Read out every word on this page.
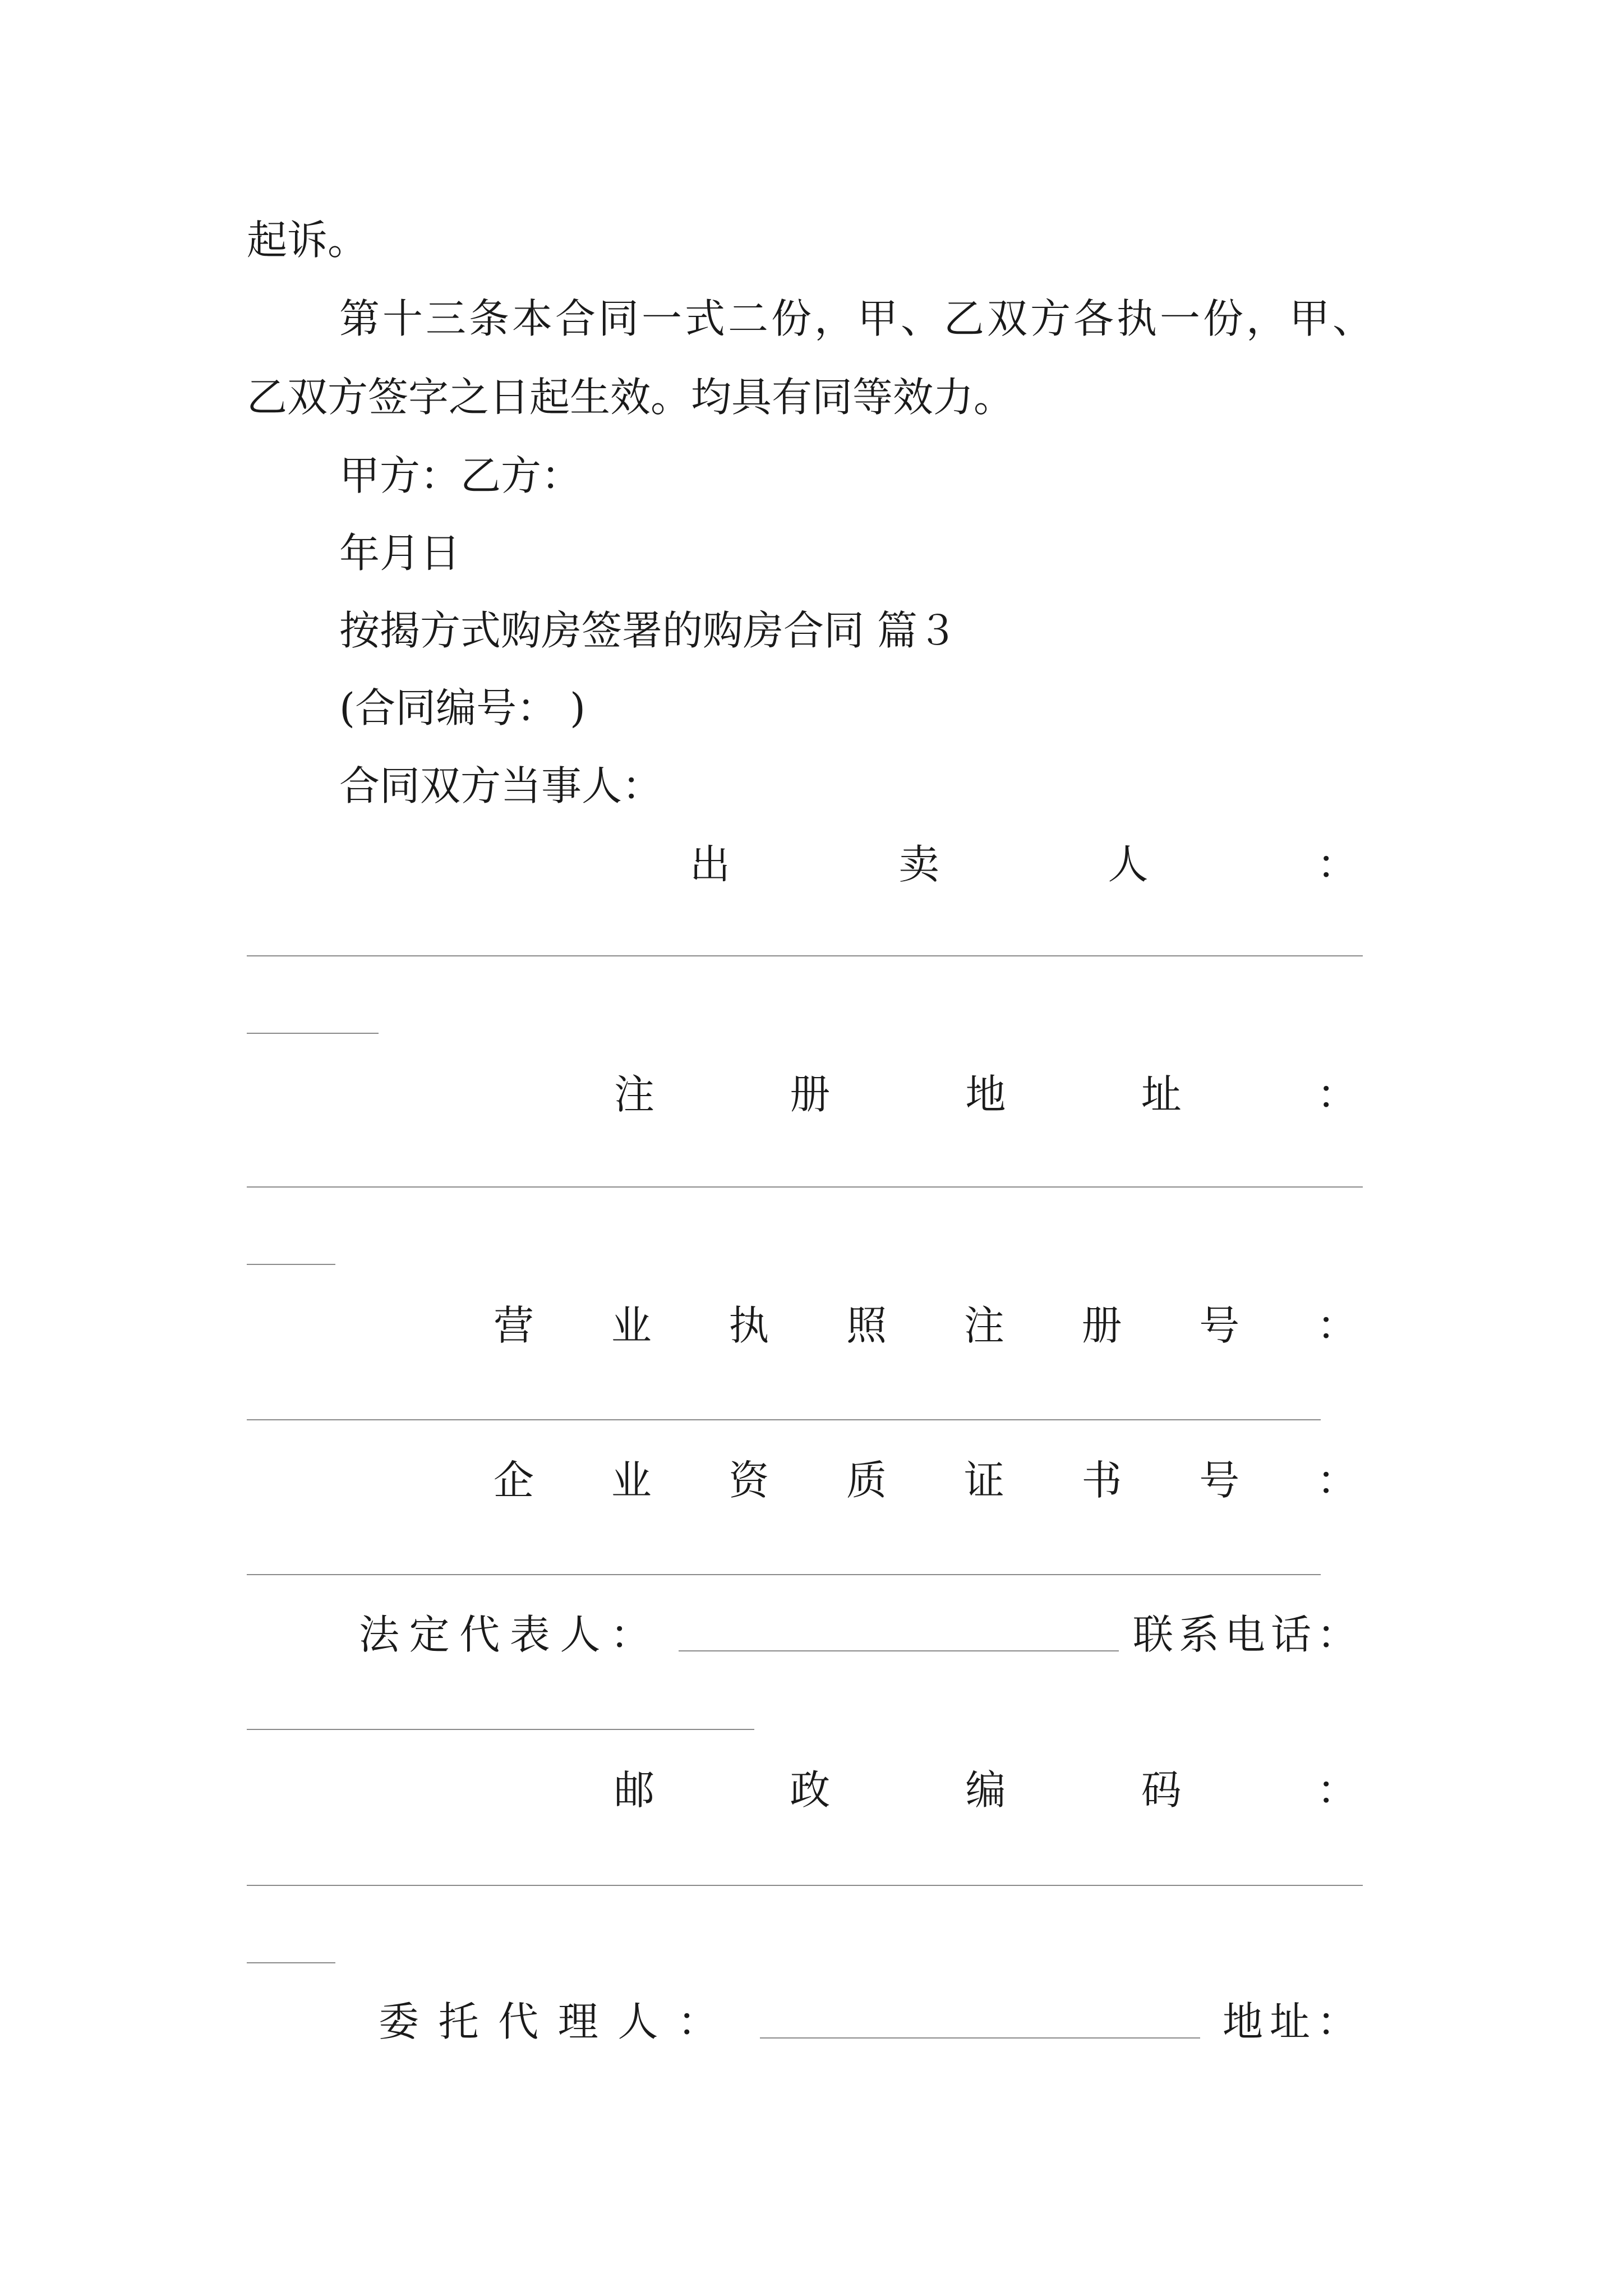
起诉。
第十三条本合同一式二份，甲、乙双方各执一份，甲、
乙双方签字之日起生效。均具有同等效力。
甲方：乙方：
年月日
按揭方式购房签署的购房合同 篇３
(合同编号： )
合同双方当事人：
出	卖	人	：
注	册	地	址	：
营 业 执 照 注 册 号 ：
企 业 资 质 证 书 号 ：
法 定 代 表 人 ：	联 系 电 话 ：
邮	政	编	码	：
委 托 代 理 人 ：	地 址 ：
